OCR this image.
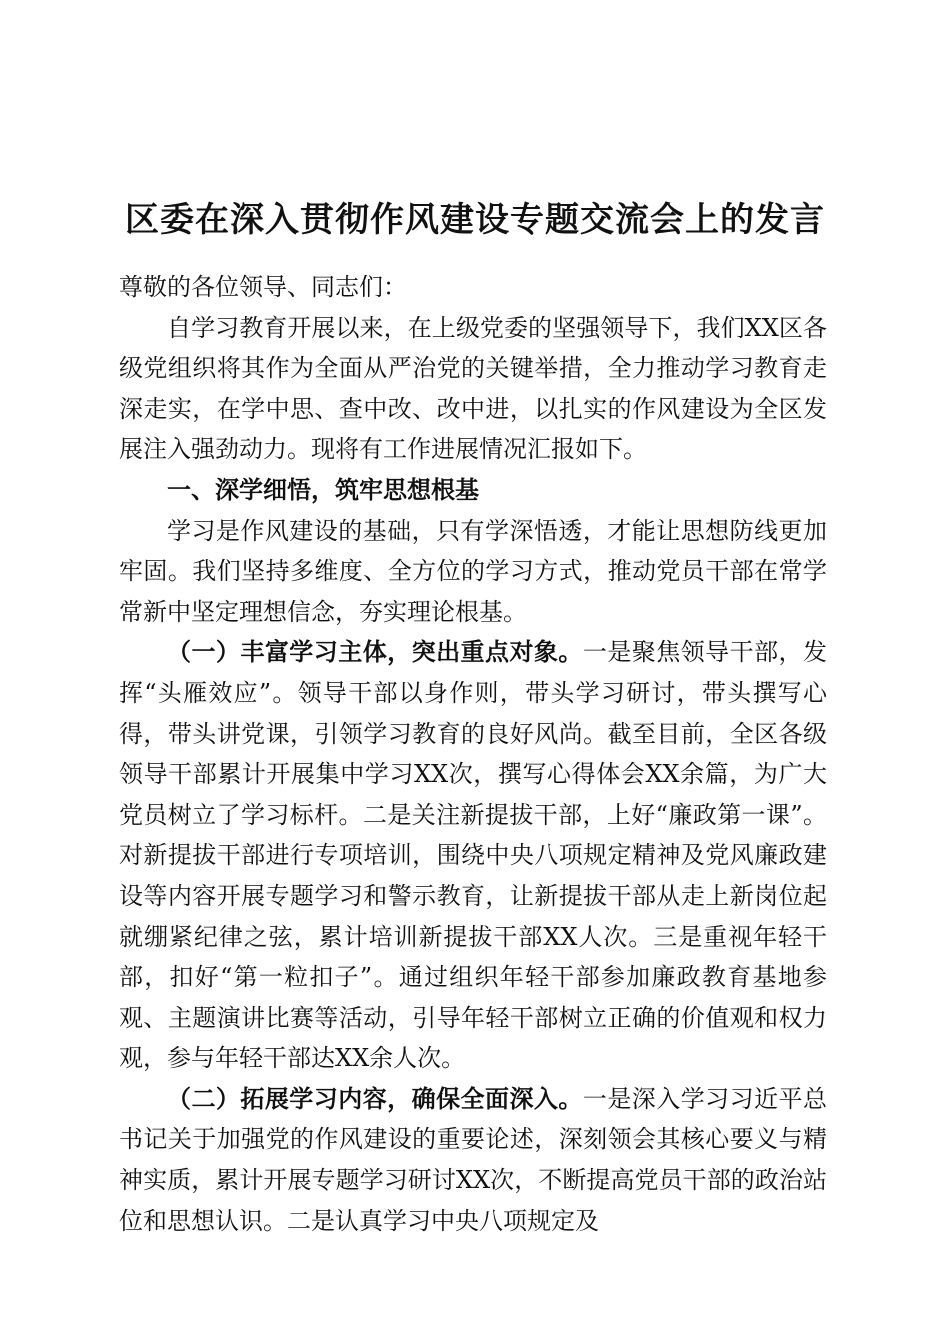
区委在深入贯彻作风建设专题交流会上的发言

尊敬的各位领导、同志们：

自学习教育开展以来，在上级党委的坚强领导下，我们XX区各级党组织将其作为全面从严治党的关键举措，全力推动学习教育走深走实，在学中思、查中改、改中进，以扎实的作风建设为全区发展注入强劲动力。现将有工作进展情况汇报如下。

一、深学细悟，筑牢思想根基

学习是作风建设的基础，只有学深悟透，才能让思想防线更加牢固。我们坚持多维度、全方位的学习方式，推动党员干部在常学常新中坚定理想信念，夯实理论根基。

（一）丰富学习主体，突出重点对象。一是聚焦领导干部，发挥“头雁效应”。领导干部以身作则，带头学习研讨，带头撰写心得，带头讲党课，引领学习教育的良好风尚。截至目前，全区各级领导干部累计开展集中学习XX次，撰写心得体会XX余篇，为广大党员树立了学习标杆。二是关注新提拔干部，上好“廉政第一课”。对新提拔干部进行专项培训，围绕中央八项规定精神及党风廉政建设等内容开展专题学习和警示教育，让新提拔干部从走上新岗位起就绷紧纪律之弦，累计培训新提拔干部XX人次。三是重视年轻干部，扣好“第一粒扣子”。通过组织年轻干部参加廉政教育基地参观、主题演讲比赛等活动，引导年轻干部树立正确的价值观和权力观，参与年轻干部达XX余人次。

（二）拓展学习内容，确保全面深入。一是深入学习习近平总书记关于加强党的作风建设的重要论述，深刻领会其核心要义与精神实质，累计开展专题学习研讨XX次，不断提高党员干部的政治站位和思想认识。二是认真学习中央八项规定及
